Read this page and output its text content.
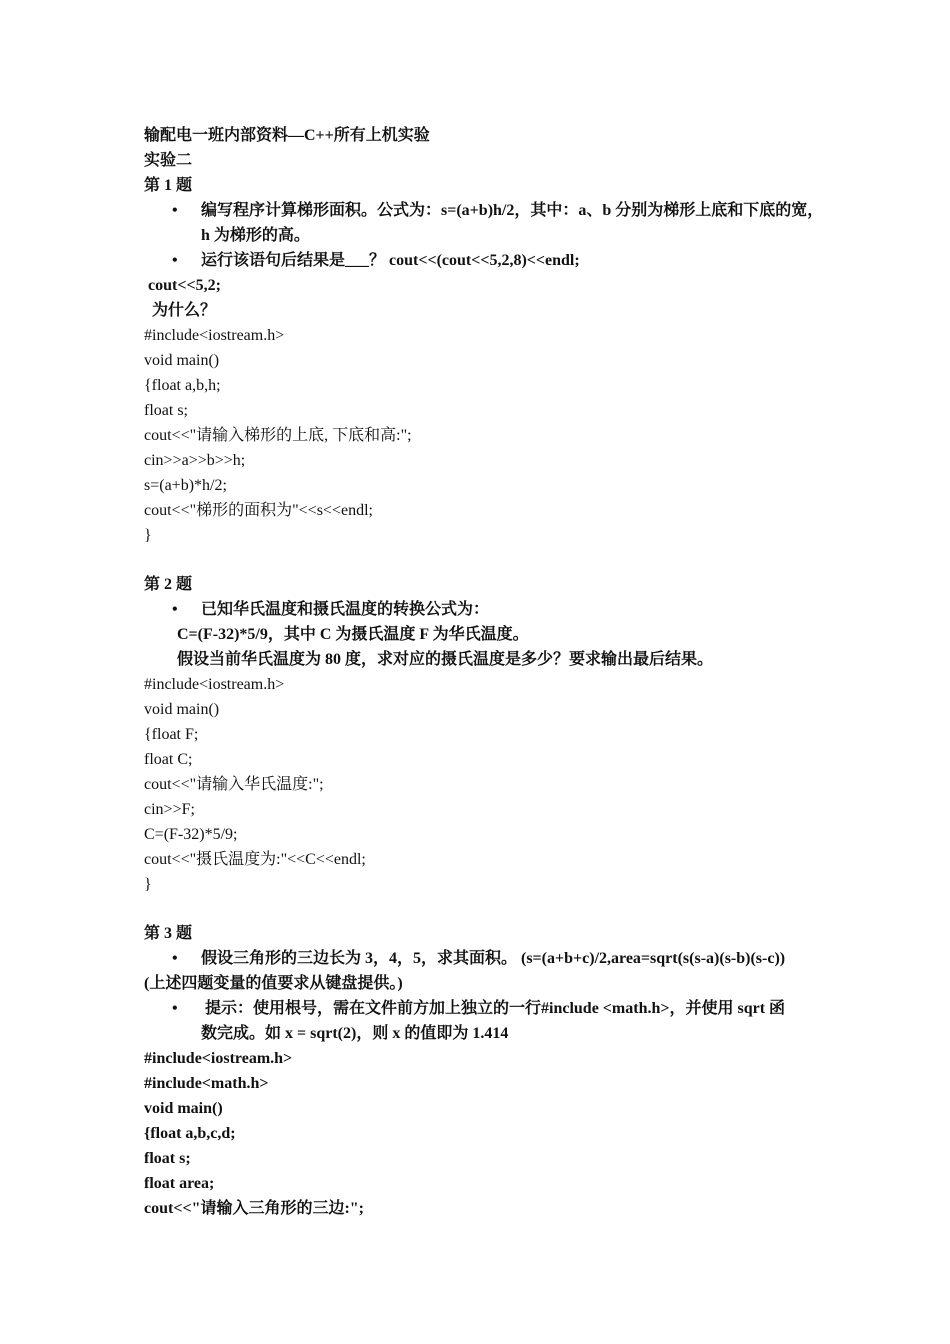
输配电一班内部资料—C++所有上机实验
实验二
第 1 题
• 编写程序计算梯形面积。公式为：s=(a+b)h/2，其中：a、b 分别为梯形上底和下底的宽，
h 为梯形的高。
• 运行该语句后结果是___？ cout<<(cout<<5,2,8)<<endl;
cout<<5,2;
为什么？
#include<iostream.h>
void main()
{float a,b,h;
float s;
cout<<"请输入梯形的上底, 下底和高:";
cin>>a>>b>>h;
s=(a+b)*h/2;
cout<<"梯形的面积为"<<s<<endl;
}
第 2 题
• 已知华氏温度和摄氏温度的转换公式为：
C=(F-32)*5/9，其中 C 为摄氏温度 F 为华氏温度。
假设当前华氏温度为 80 度，求对应的摄氏温度是多少？要求输出最后结果。
#include<iostream.h>
void main()
{float F;
float C;
cout<<"请输入华氏温度:";
cin>>F;
C=(F-32)*5/9;
cout<<"摄氏温度为:"<<C<<endl;
}
第 3 题
• 假设三角形的三边长为 3，4，5，求其面积。 (s=(a+b+c)/2,area=sqrt(s(s-a)(s-b)(s-c))
(上述四题变量的值要求从键盘提供。)
• 提示：使用根号，需在文件前方加上独立的一行#include <math.h>，并使用 sqrt 函
数完成。如 x = sqrt(2)，则 x 的值即为 1.414
#include<iostream.h>
#include<math.h>
void main()
{float a,b,c,d;
float s;
float area;
cout<<"请输入三角形的三边:";
